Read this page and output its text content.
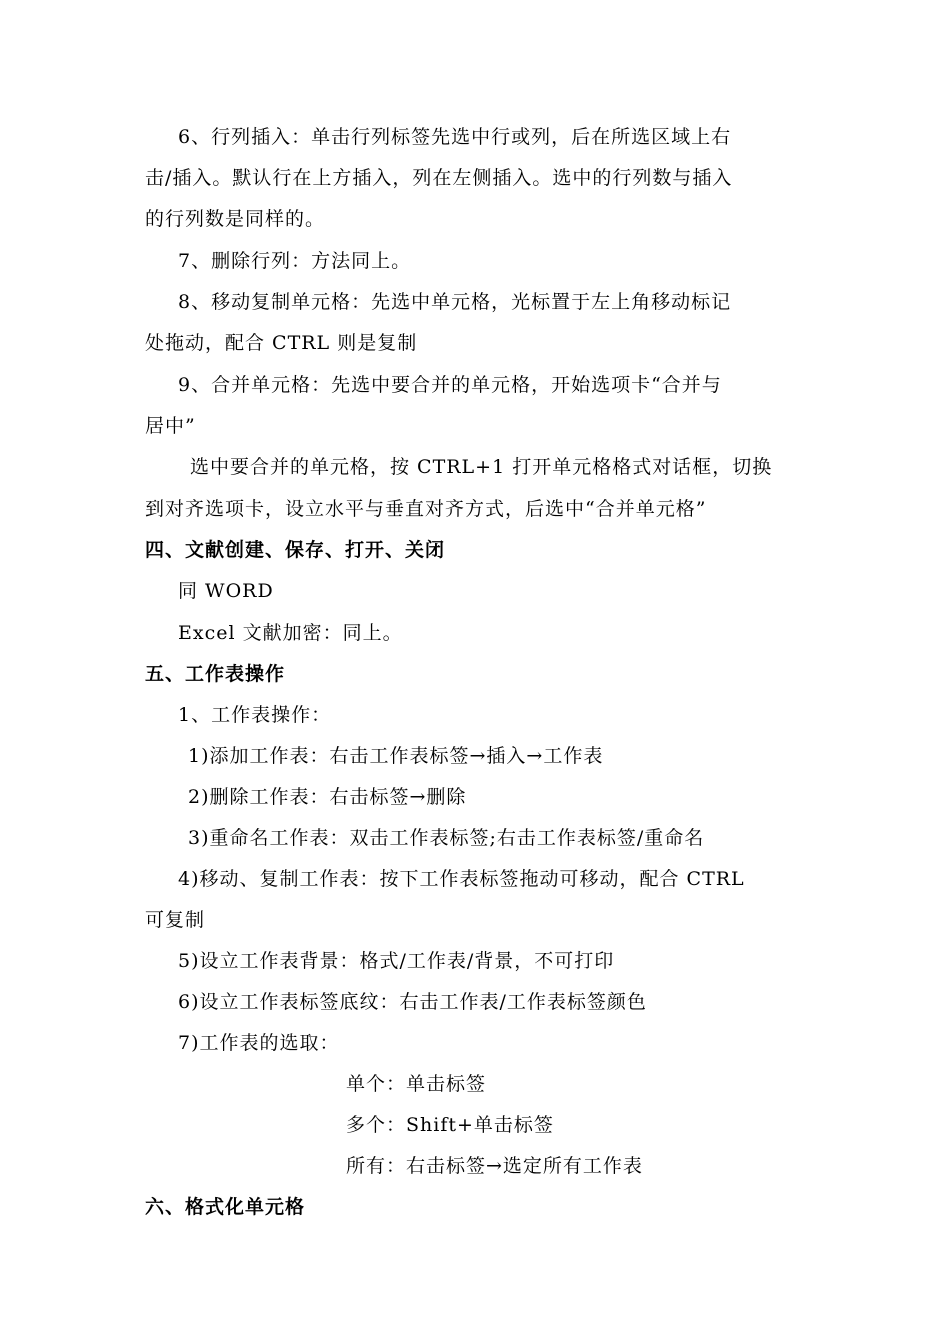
6、行列插入：单击行列标签先选中行或列，后在所选区域上右
击/插入。默认行在上方插入，列在左侧插入。选中的行列数与插入
的行列数是同样的。
7、删除行列：方法同上。
8、移动复制单元格：先选中单元格，光标置于左上角移动标记
处拖动，配合 CTRL 则是复制
9、合并单元格：先选中要合并的单元格，开始选项卡“合并与
居中”
选中要合并的单元格，按 CTRL+1 打开单元格格式对话框，切换
到对齐选项卡，设立水平与垂直对齐方式，后选中“合并单元格”
四、文献创建、保存、打开、关闭
同 WORD
Excel 文献加密：同上。
五、工作表操作
1、工作表操作：
1)添加工作表：右击工作表标签→插入→工作表
2)删除工作表：右击标签→删除
3)重命名工作表：双击工作表标签;右击工作表标签/重命名
4)移动、复制工作表：按下工作表标签拖动可移动，配合 CTRL
可复制
5)设立工作表背景：格式/工作表/背景，不可打印
6)设立工作表标签底纹：右击工作表/工作表标签颜色
7)工作表的选取：
单个：单击标签
多个：Shift+单击标签
所有：右击标签→选定所有工作表
六、格式化单元格
